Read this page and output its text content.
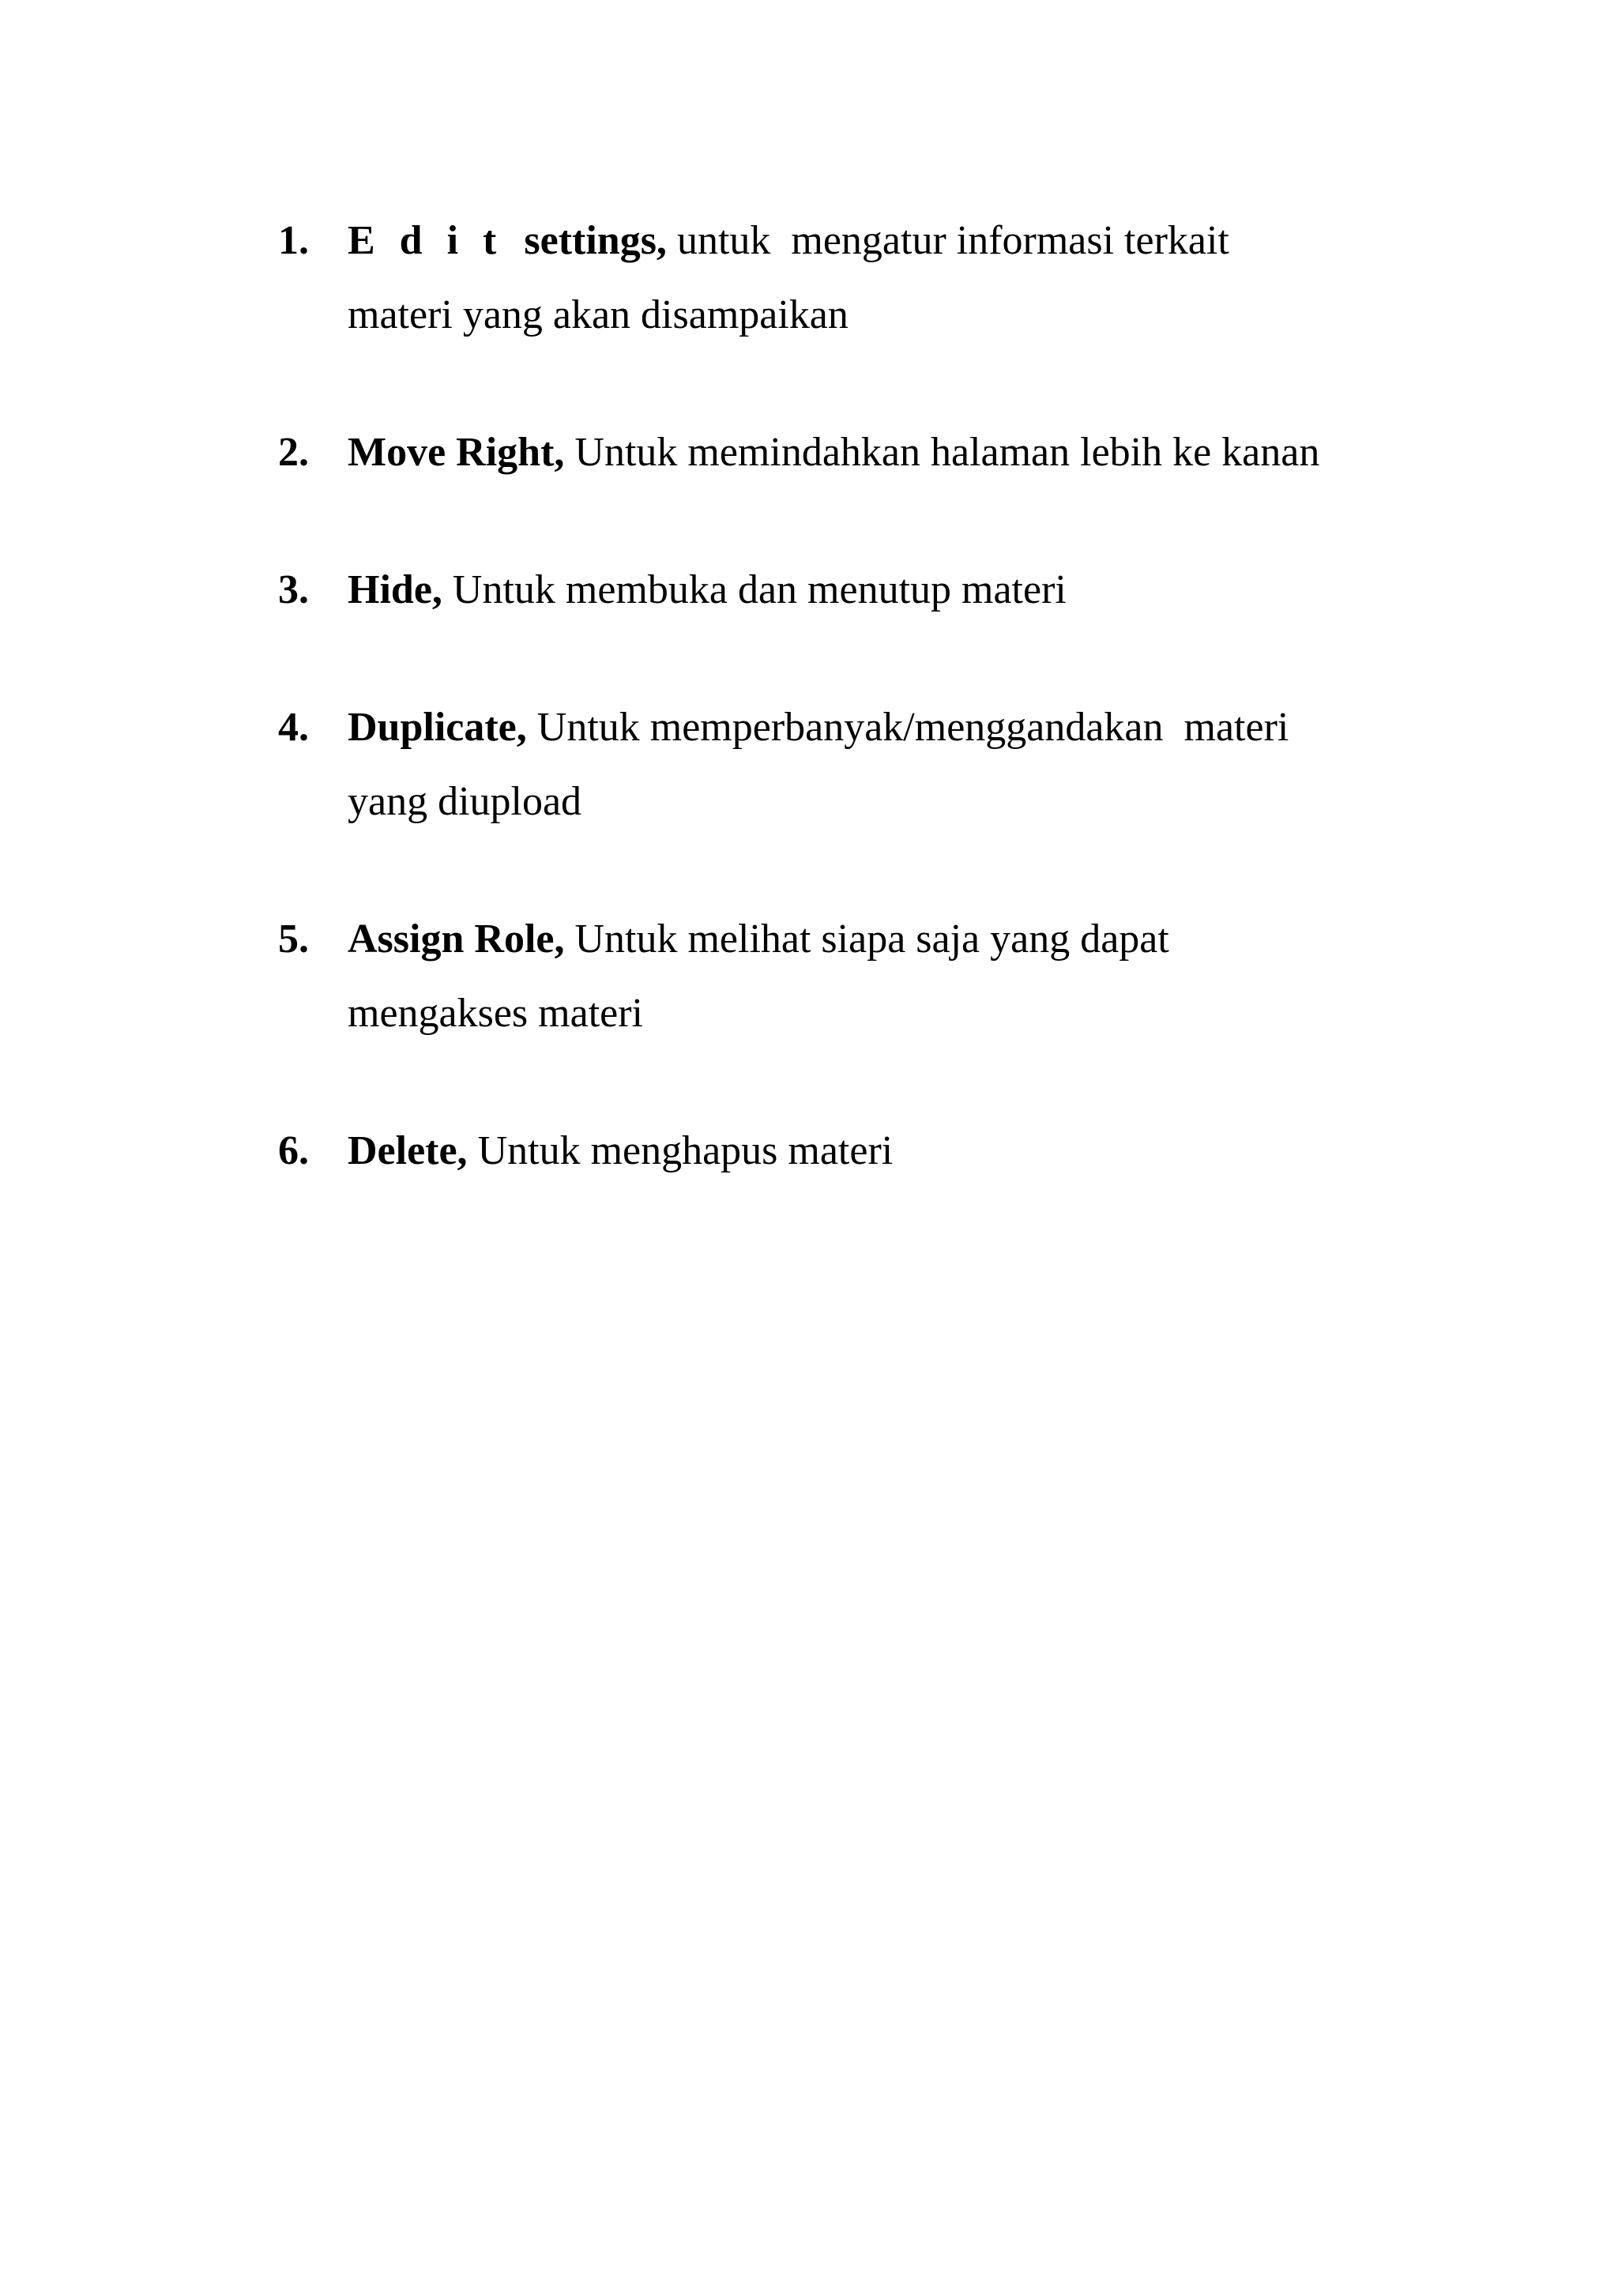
1. E d i t  settings, untuk  mengatur informasi terkait
materi yang akan disampaikan

2. Move Right, Untuk memindahkan halaman lebih ke kanan

3. Hide, Untuk membuka dan menutup materi

4. Duplicate, Untuk memperbanyak/menggandakan  materi
yang diupload

5. Assign Role, Untuk melihat siapa saja yang dapat
mengakses materi

6. Delete, Untuk menghapus materi
